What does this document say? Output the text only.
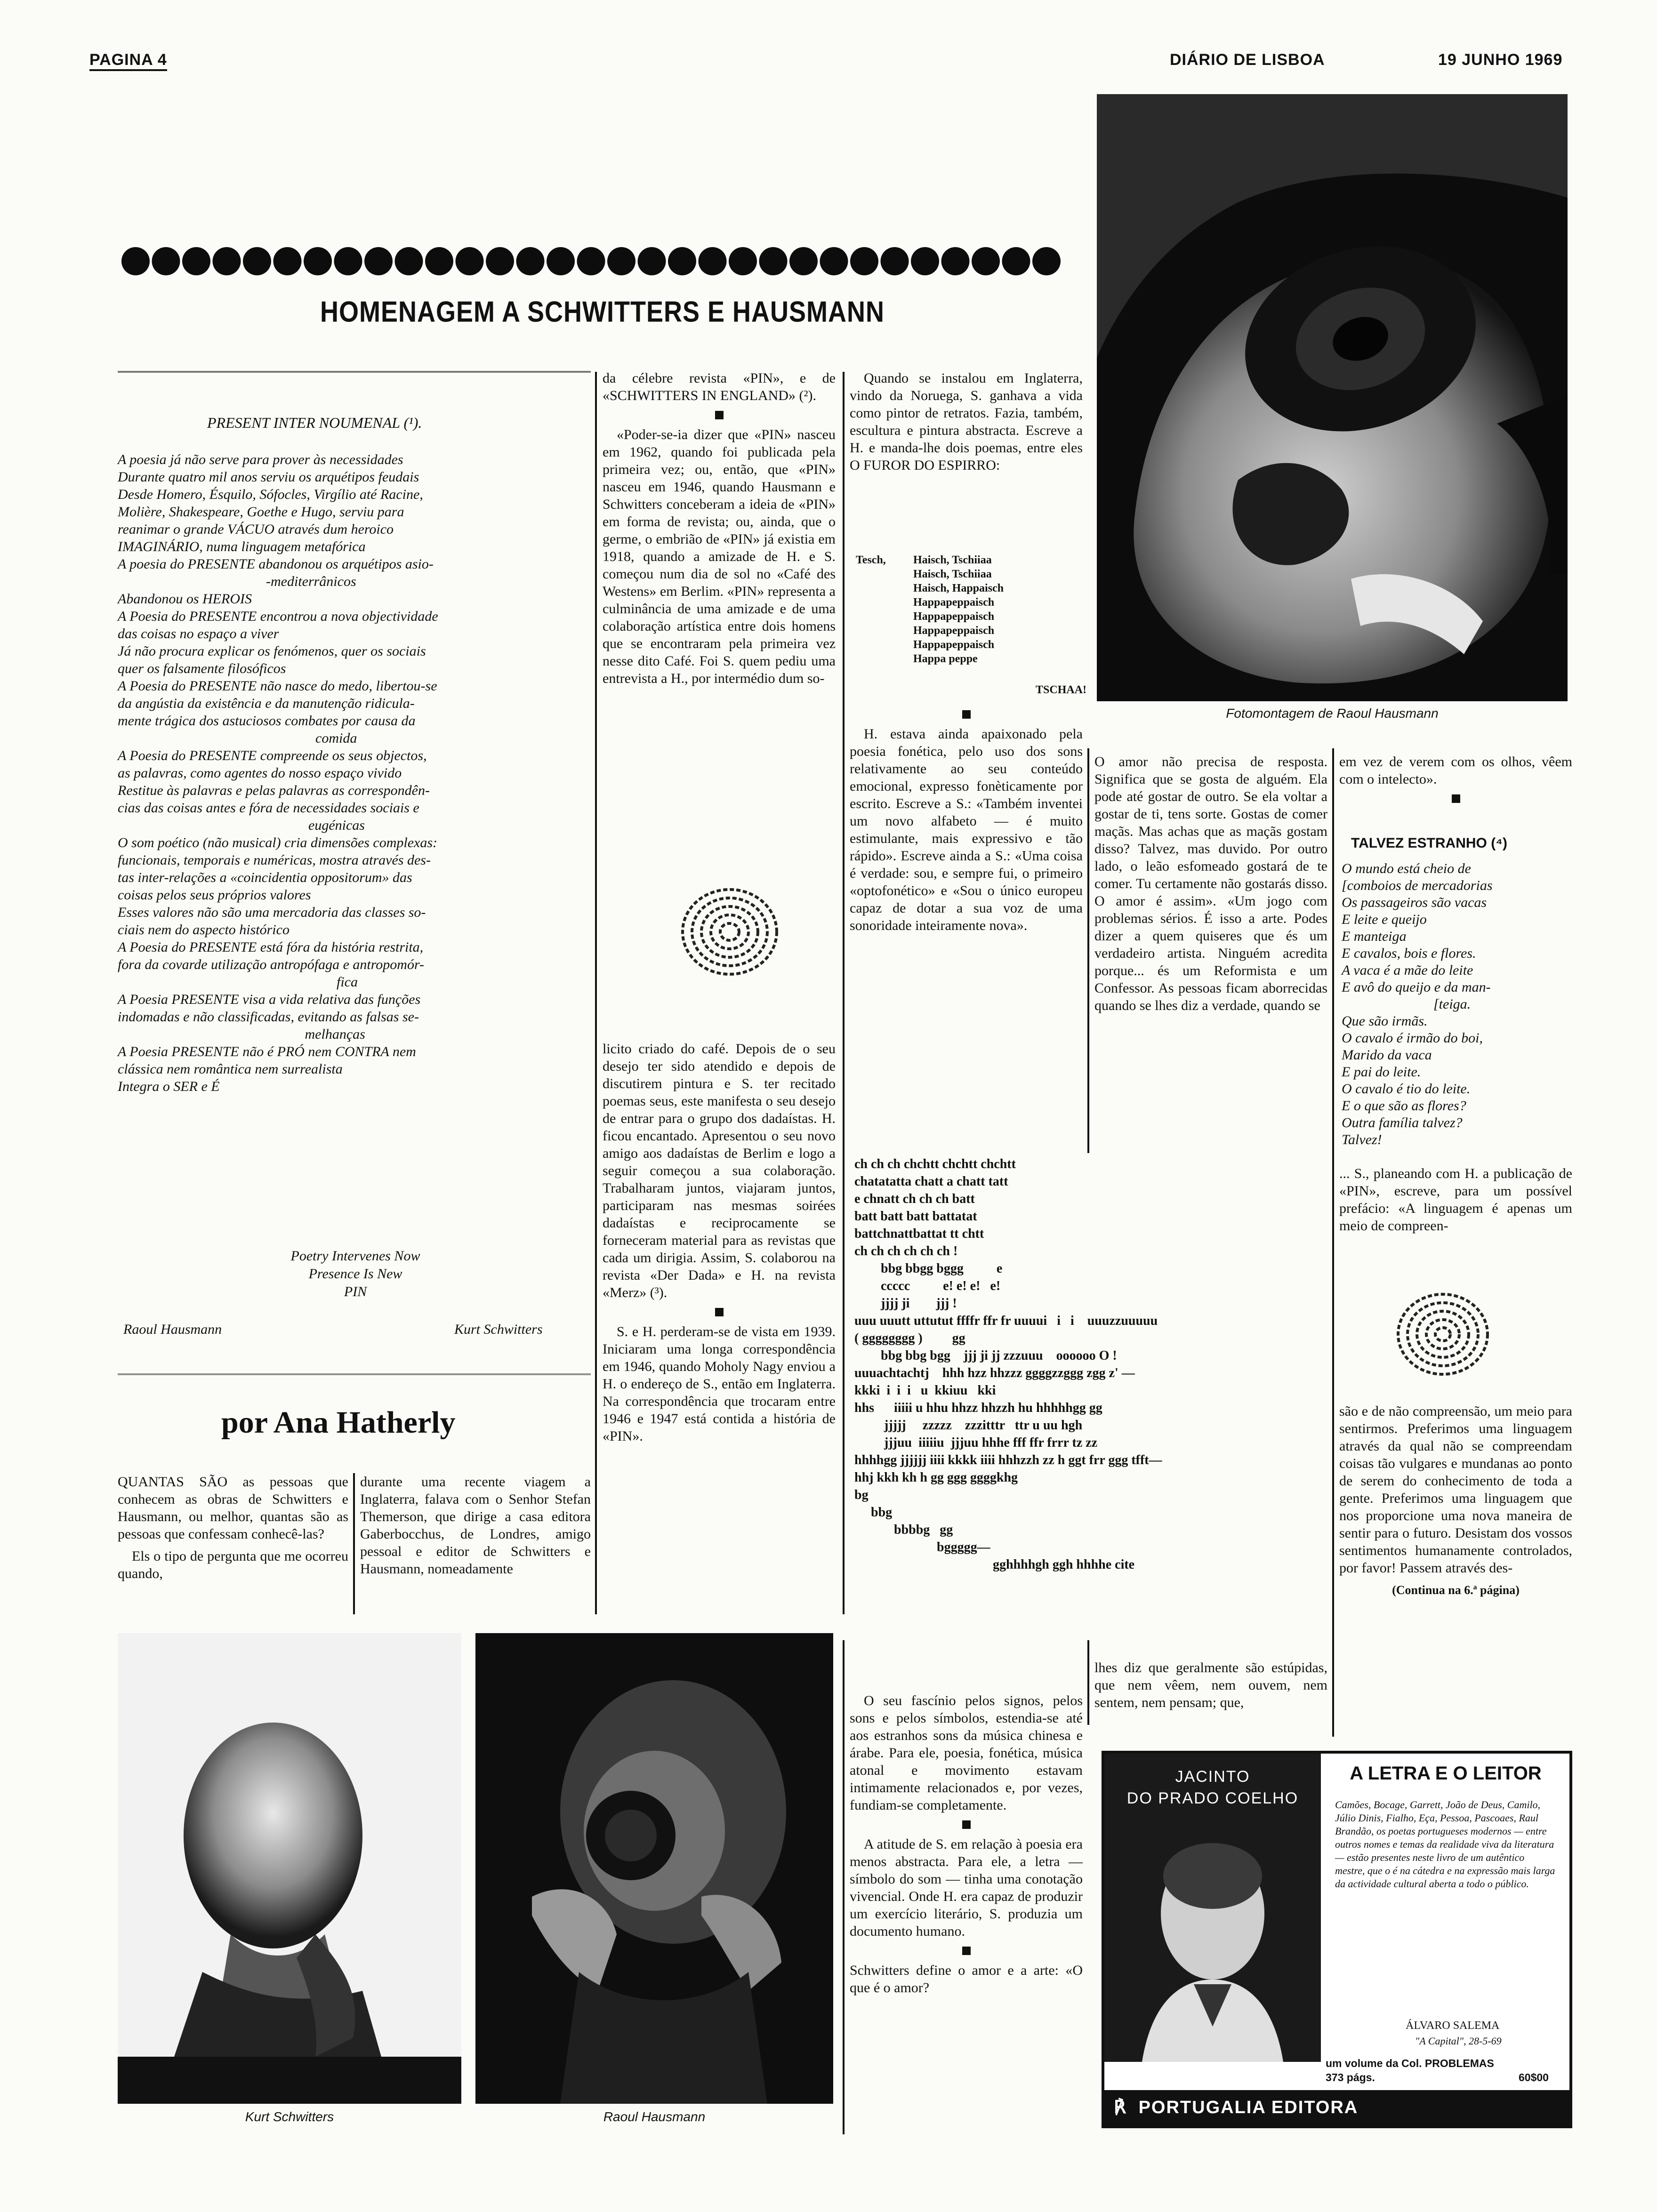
PAGINA 4	DIÁRIO DE LISBOA	19 JUNHO 1969
HOMENAGEM A SCHWITTERS E HAUSMANN
PRESENT INTER NOUMENAL (¹).
A poesia já não serve para prover às necessidades
Durante quatro mil anos serviu os arquétipos feudais
Desde Homero, Ésquilo, Sófocles, Virgílio até Racine,
Molière, Shakespeare, Goethe e Hugo, serviu para
reanimar o grande VÁCUO através dum heroico
IMAGINÁRIO, numa linguagem metafórica
A poesia do PRESENTE abandonou os arquétipos asio-
-mediterrânicos
Abandonou os HEROIS
A Poesia do PRESENTE encontrou a nova objectividade
das coisas no espaço a viver
Já não procura explicar os fenómenos, quer os sociais
quer os falsamente filosóficos
A Poesia do PRESENTE não nasce do medo, libertou-se
da angústia da existência e da manutenção ridicula-
mente trágica dos astuciosos combates por causa da
comida
A Poesia do PRESENTE compreende os seus objectos,
as palavras, como agentes do nosso espaço vivido
Restitue às palavras e pelas palavras as correspondên-
cias das coisas antes e fóra de necessidades sociais e
eugénicas
O som poético (não musical) cria dimensões complexas:
funcionais, temporais e numéricas, mostra através des-
tas inter-relações a «coincidentia oppositorum» das
coisas pelos seus próprios valores
Esses valores não são uma mercadoria das classes so-
ciais nem do aspecto histórico
A Poesia do PRESENTE está fóra da história restrita,
fora da covarde utilização antropófaga e antropomór-
fica
A Poesia PRESENTE visa a vida relativa das funções
indomadas e não classificadas, evitando as falsas se-
melhanças
A Poesia PRESENTE não é PRÓ nem CONTRA nem
clássica nem romântica nem surrealista
Integra o SER e É
Poetry Intervenes Now
Presence Is New
PIN
Raoul Hausmann	Kurt Schwitters
por Ana Hatherly

QUANTAS SÃO as pessoas que conhecem as obras de Schwitters e Hausmann, ou melhor, quantas são as pessoas que confessam conhecê-las?

Els o tipo de pergunta que me ocorreu quando,

durante uma recente viagem a Inglaterra, falava com o Senhor Stefan Themerson, que dirige a casa editora Gaberbocchus, de Londres, amigo pessoal e editor de Schwitters e Hausmann, nomeadamente

da célebre revista «PIN», e de «SCHWITTERS IN ENGLAND» (²).

«Poder-se-ia dizer que «PIN» nasceu em 1962, quando foi publicada pela primeira vez; ou, então, que «PIN» nasceu em 1946, quando Hausmann e Schwitters conceberam a ideia de «PIN» em forma de revista; ou, ainda, que o germe, o embrião de «PIN» já existia em 1918, quando a amizade de H. e S. começou num dia de sol no «Café des Westens» em Berlim. «PIN» representa a culminância de uma amizade e de uma colaboração artística entre dois homens que se encontraram pela primeira vez nesse dito Café. Foi S. quem pediu uma entrevista a H., por intermédio dum so-

licito criado do café. Depois de o seu desejo ter sido atendido e depois de discutirem pintura e S. ter recitado poemas seus, este manifesta o seu desejo de entrar para o grupo dos dadaístas. H. ficou encantado. Apresentou o seu novo amigo aos dadaístas de Berlim e logo a seguir começou a sua colaboração. Trabalharam juntos, viajaram juntos, participaram nas mesmas soirées dadaístas e reciprocamente se forneceram material para as revistas que cada um dirigia. Assim, S. colaborou na revista «Der Dada» e H. na revista «Merz» (³).

S. e H. perderam-se de vista em 1939. Iniciaram uma longa correspondência em 1946, quando Moholy Nagy enviou a H. o endereço de S., então em Inglaterra. Na correspondência que trocaram entre 1946 e 1947 está contida a história de «PIN».

Quando se instalou em Inglaterra, vindo da Noruega, S. ganhava a vida como pintor de retratos. Fazia, também, escultura e pintura abstracta. Escreve a H. e manda-lhe dois poemas, entre eles O FUROR DO ESPIRRO:

Tesch, Haisch, Tschiiaa
Haisch, Tschiiaa
Haisch, Happaisch
Happapeppaisch
Happapeppaisch
Happapeppaisch
Happapeppaisch
Happa peppe
TSCHAA!

H. estava ainda apaixonado pela poesia fonética, pelo uso dos sons relativamente ao seu conteúdo emocional, expresso fonèticamente por escrito. Escreve a S.: «Também inventei um novo alfabeto — é muito estimulante, mais expressivo e tão rápido». Escreve ainda a S.: «Uma coisa é verdade: sou, e sempre fui, o primeiro «optofonético» e «Sou o único europeu capaz de dotar a sua voz de uma sonoridade inteiramente nova».

O amor não precisa de resposta. Significa que se gosta de alguém. Ela pode até gostar de outro. Se ela voltar a gostar de ti, tens sorte. Gostas de comer maçãs. Mas achas que as maçãs gostam disso? Talvez, mas duvido. Por outro lado, o leão esfomeado gostará de te comer. Tu certamente não gostarás disso. O amor é assim». «Um jogo com problemas sérios. É isso a arte. Podes dizer a quem quiseres que és um verdadeiro artista. Ninguém acredita porque... és um Reformista e um Confessor. As pessoas ficam aborrecidas quando se lhes diz a verdade, quando se

em vez de verem com os olhos, vêem com o intelecto».

TALVEZ ESTRANHO (⁴)
O mundo está cheio de
[comboios de mercadorias
Os passageiros são vacas
E leite e queijo
E manteiga
E cavalos, bois e flores.
A vaca é a mãe do leite
E avô do queijo e da man-
[teiga.
Que são irmãs.
O cavalo é irmão do boi,
Marido da vaca
E pai do leite.
O cavalo é tio do leite.
E o que são as flores?
Outra família talvez?
Talvez!

... S., planeando com H. a publicação de «PIN», escreve, para um possível prefácio: «A linguagem é apenas um meio de compreen-

são e de não compreensão, um meio para sentirmos. Preferimos uma linguagem através da qual não se compreendam coisas tão vulgares e mundanas ao ponto de serem do conhecimento de toda a gente. Preferimos uma linguagem que nos proporcione uma nova maneira de sentir para o futuro. Desistam dos vossos sentimentos humanamente controlados, por favor! Passem através des-

(Continua na 6.ª página)

ch ch ch chchtt chchtt chchtt
chatatatta chatt a chatt tatt
e chnatt ch ch ch batt
batt batt batt battatat
battchnattbattat tt chtt
ch ch ch ch ch ch !
bbg bbgg bggg          e
ccccc          e! e! e!   e!
jjjj ji        jjj !
uuu uuutt uttutut ffffr ffr fr uuuui   i   i    uuuzzuuuuu
( gggggggg )         gg
bbg bbg bgg    jjj ji jj zzzuuu    oooooo O !
uuuachtachtj    hhh hzz hhzzz ggggzzggg zgg z' —
kkki  i  i  i   u  kkiuu   kki
hhs      iiiii u hhu hhzz hhzzh hu hhhhhgg gg
jjjjj     zzzzz    zzzitttr   ttr u uu hgh
jjjuu  iiiiiu  jjjuu hhhe fff ffr frrr tz zz
hhhhgg jjjjjj iiii kkkk iiii hhhzzh zz h ggt frr ggg tfft—
hhj kkh kh h gg ggg ggggkhg
bg
bbg
bbbbg   gg
bggggg—
gghhhhgh ggh hhhhe cite

O seu fascínio pelos signos, pelos sons e pelos símbolos, estendia-se até aos estranhos sons da música chinesa e árabe. Para ele, poesia, fonética, música atonal e movimento estavam intimamente relacionados e, por vezes, fundiam-se completamente.

A atitude de S. em relação à poesia era menos abstracta. Para ele, a letra — símbolo do som — tinha uma conotação vivencial. Onde H. era capaz de produzir um exercício literário, S. produzia um documento humano.

Schwitters define o amor e a arte: «O que é o amor?

lhes diz que geralmente são estúpidas, que nem vêem, nem ouvem, nem sentem, nem pensam; que,

Fotomontagem de Raoul Hausmann
Kurt Schwitters	Raoul Hausmann
JACINTO
DO PRADO COELHO
A LETRA E O LEITOR
Camões, Bocage, Garrett, João de Deus, Camilo, Júlio Dinis, Fialho, Eça, Pessoa, Pascoaes, Raul Brandão, os poetas portugueses modernos — entre outros nomes e temas da realidade viva da literatura — estão presentes neste livro de um autêntico mestre, que o é na cátedra e na expressão mais larga da actividade cultural aberta a todo o público.
ÁLVARO SALEMA
"A Capital", 28-5-69
um volume da Col. PROBLEMAS
373 págs.	60$00
℟ PORTUGALIA EDITORA
